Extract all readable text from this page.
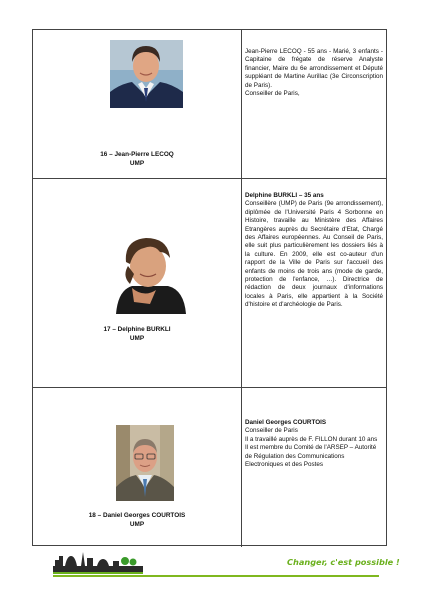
16 – Jean-Pierre LECOQ
UMP

Jean-Pierre LECOQ - 55 ans - Marié, 3 enfants - Capitaine de frégate de réserve Analyste financier, Maire du 6e arrondissement et Député suppléant de Martine Aurillac (3e Circonscription de Paris).

Conseiller de Paris,

17 – Delphine BURKLI
UMP

Delphine BURKLI – 35 ans

Conseillère (UMP) de Paris (9e arrondissement), diplômée de l'Université Paris 4 Sorbonne en Histoire, travaille au Ministère des Affaires Etrangères auprès du Secrétaire d'Etat, Chargé des Affaires européennes. Au Conseil de Paris, elle suit plus particulièrement les dossiers liés à la culture. En 2009, elle est co-auteur d'un rapport de la Ville de Paris sur l'accueil des enfants de moins de trois ans (mode de garde, protection de l'enfance, …). Directrice de rédaction de deux journaux d'informations locales à Paris, elle appartient à la Société d'histoire et d'archéologie de Paris.

18 – Daniel Georges COURTOIS
UMP

Daniel Georges COURTOIS

Conseiller de Paris

Il a travaillé auprès de F. FILLON durant 10 ans

Il est membre du Comité de l'ARSEP – Autorité de Régulation des Communications Electroniques et des Postes

Changer, c'est possible !
